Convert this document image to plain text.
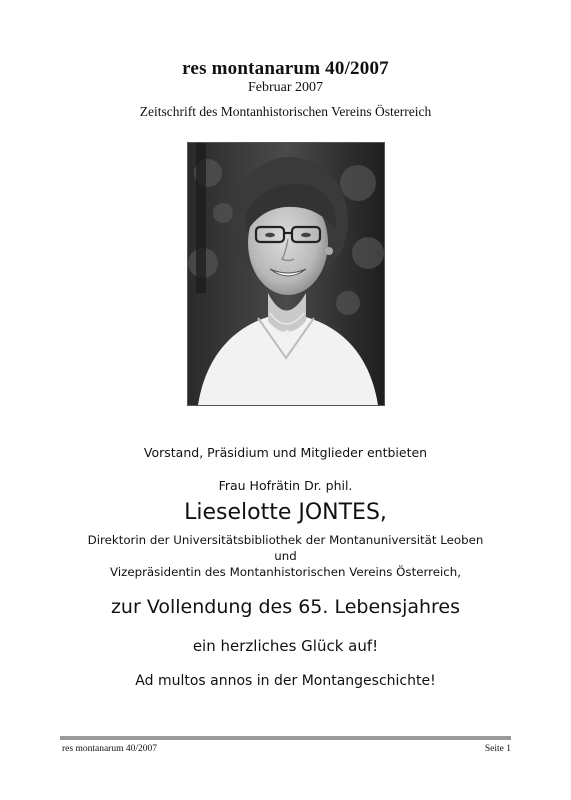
res montanarum 40/2007
Februar 2007
Zeitschrift des Montanhistorischen Vereins Österreich
Vorstand, Präsidium und Mitglieder entbieten
Frau Hofrätin Dr. phil.
Lieselotte JONTES,
Direktorin der Universitätsbibliothek der Montanuniversität Leoben
und
Vizepräsidentin des Montanhistorischen Vereins Österreich,
zur Vollendung des 65. Lebensjahres
ein herzliches Glück auf!
Ad multos annos in der Montangeschichte!
res montanarum 40/2007	Seite 1
